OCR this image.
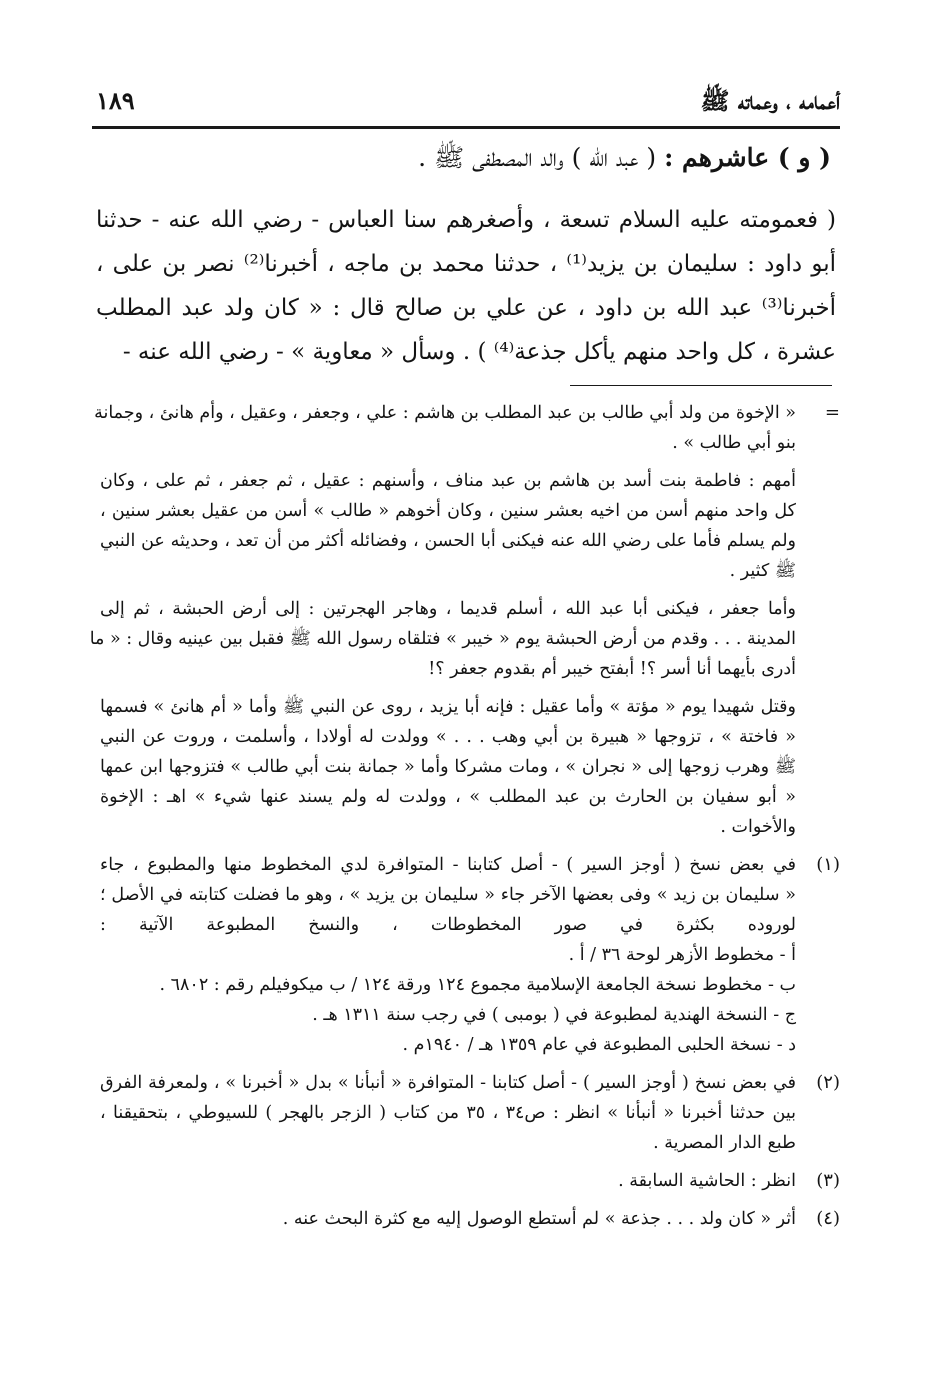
أعمامه ، وعماته ﷺ
١٨٩
( و ) عاشرهم : ( عبد الله ) والد المصطفى ﷺ .
( فعمومته عليه السلام تسعة ، وأصغرهم سنا العباس - رضي الله عنه - حدثنا
أبو داود : سليمان بن يزيد⁽¹⁾ ، حدثنا محمد بن ماجه ، أخبرنا⁽²⁾ نصر بن على ،
أخبرنا⁽³⁾ عبد الله بن داود ، عن علي بن صالح قال : « كان ولد عبد المطلب
عشرة ، كل واحد منهم يأكل جذعة⁽⁴⁾ ) . وسأل « معاوية » - رضي الله عنه -
=
« الإخوة من ولد أبي طالب بن عبد المطلب بن هاشم : علي ، وجعفر ، وعقيل ، وأم هانئ ، وجمانة
بنو أبي طالب » .
أمهم : فاطمة بنت أسد بن هاشم بن عبد مناف ، وأسنهم : عقيل ، ثم جعفر ، ثم على ، وكان
كل واحد منهم أسن من اخيه بعشر سنين ، وكان أخوهم « طالب » أسن من عقيل بعشر سنين ،
ولم يسلم فأما على رضي الله عنه فيكنى أبا الحسن ، وفضائله أكثر من أن تعد ، وحديثه عن النبي
ﷺ كثير .
وأما جعفر ، فيكنى أبا عبد الله ، أسلم قديما ، وهاجر الهجرتين : إلى أرض الحبشة ، ثم إلى
المدينة . . . وقدم من أرض الحبشة يوم « خيبر » فتلقاه رسول الله ﷺ فقبل بين عينيه وقال : « ما
أدرى بأيهما أنا أسر ؟! أبفتح خيبر أم بقدوم جعفر ؟!
وقتل شهيدا يوم « مؤتة » وأما عقيل : فإنه أبا يزيد ، روى عن النبي ﷺ وأما « أم هانئ » فسمها
« فاختة » ، تزوجها « هبيرة بن أبي وهب . . . » وولدت له أولادا ، وأسلمت ، وروت عن النبي
ﷺ وهرب زوجها إلى « نجران » ، ومات مشركا وأما « جمانة بنت أبي طالب » فتزوجها ابن عمها
« أبو سفيان بن الحارث بن عبد المطلب » ، وولدت له ولم يسند عنها شيء » اهـ : الإخوة
والأخوات .
(١)
في بعض نسخ ( أوجز السير ) - أصل كتابنا - المتوافرة لدي المخطوط منها والمطبوع ، جاء
« سليمان بن زيد » وفى بعضها الآخر جاء « سليمان بن يزيد » ، وهو ما فضلت كتابته في الأصل ؛
لوروده بكثرة في صور المخطوطات ، والنسخ المطبوعة الآتية :
أ - مخطوط الأزهر لوحة ٣٦ / أ .
ب - مخطوط نسخة الجامعة الإسلامية مجموع ١٢٤ ورقة ١٢٤ / ب ميكوفيلم رقم : ٦٨٠٢ .
ج - النسخة الهندية لمطبوعة في ( بومبى ) في رجب سنة ١٣١١ هـ .
د - نسخة الحلبى المطبوعة في عام ١٣٥٩ هـ / ١٩٤٠م .
(٢)
في بعض نسخ ( أوجز السير ) - أصل كتابنا - المتوافرة « أنبأنا » بدل « أخبرنا » ، ولمعرفة الفرق
بين حدثنا أخبرنا « أنبأنا » انظر : ص٣٤ ، ٣٥ من كتاب ( الزجر بالهجر ) للسيوطي ، بتحقيقنا ،
طبع الدار المصرية .
(٣)
انظر : الحاشية السابقة .
(٤)
أثر « كان ولد . . . جذعة » لم أستطع الوصول إليه مع كثرة البحث عنه .
